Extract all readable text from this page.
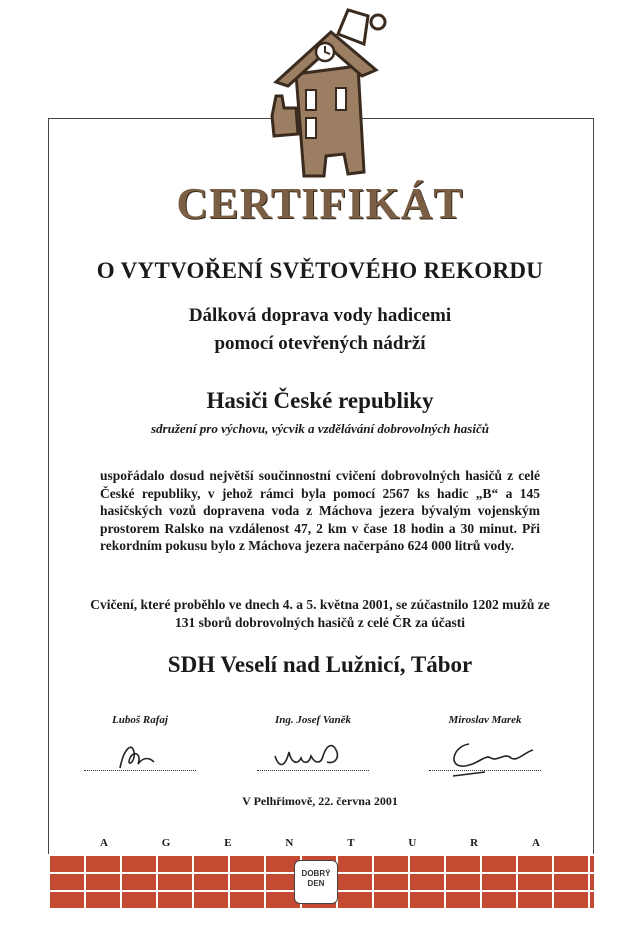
CERTIFIKÁT
O VYTVOŘENÍ SVĚTOVÉHO REKORDU
Dálková doprava vody hadicemi
pomocí otevřených nádrží
Hasiči České republiky
sdružení pro výchovu, výcvik a vzdělávání dobrovolných hasičů
uspořádalo dosud největší součinnostní cvičení dobrovolných hasičů z celé České republiky, v jehož rámci byla pomocí 2567 ks hadic „B“ a 145 hasičských vozů dopravena voda z Máchova jezera bývalým vojenským prostorem Ralsko na vzdálenost 47, 2 km v čase 18 hodin a 30 minut. Při rekordním pokusu bylo z Máchova jezera načerpáno 624 000 litrů vody.
Cvičení, které proběhlo ve dnech 4. a 5. května 2001, se zúčastnilo 1202 mužů ze 131 sborů dobrovolných hasičů z celé ČR za účasti
SDH Veselí nad Lužnicí, Tábor
Luboš Rafaj	Ing. Josef Vaněk	Miroslav Marek
V Pelhřimově, 22. června 2001
A	G	E	N	T	U	R	A
DOBRÝ
DEN
